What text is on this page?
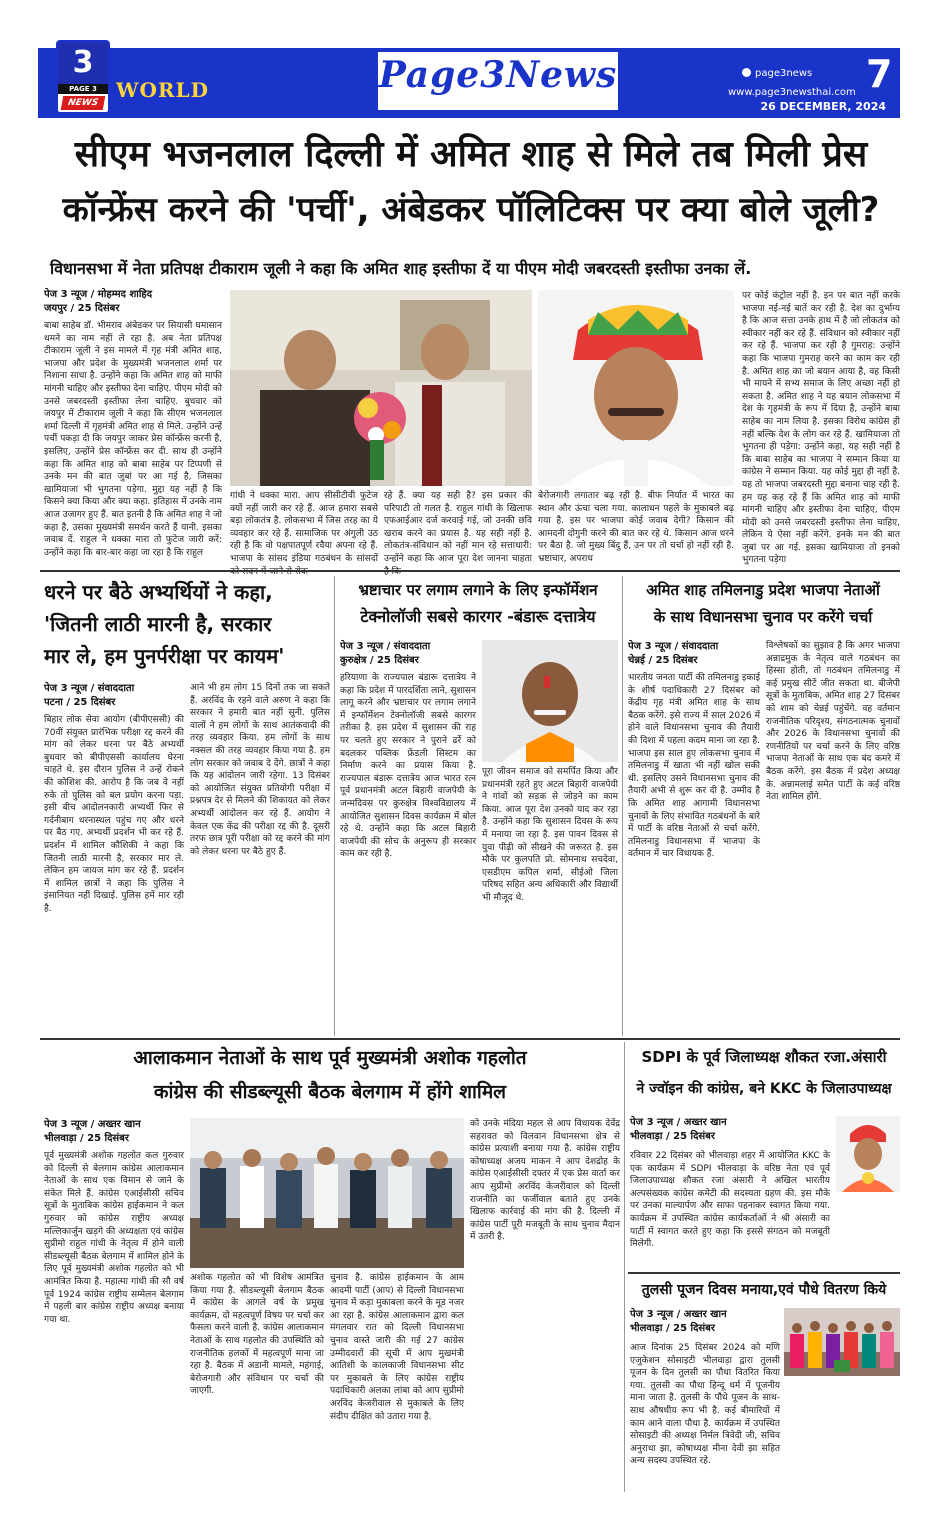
3
PAGE 3
NEWS
WORLD	Page3News	page3news
www.page3newsthai.com 7
26 DECEMBER, 2024
सीएम भजनलाल दिल्ली में अमित शाह से मिले तब मिली प्रेस
कॉन्फ्रेंस करने की 'पर्ची', अंबेडकर पॉलिटिक्स पर क्या बोले जूली?
विधानसभा में नेता प्रतिपक्ष टीकाराम जूली ने कहा कि अमित शाह इस्तीफा दें या पीएम मोदी जबरदस्ती इस्तीफा उनका लें.
पेज 3 न्यूज / मोहम्मद शाहिद
जयपुर / 25 दिसंबर
बाबा साहेब डॉ. भीमराव अंबेडकर पर सियासी घमासान थमने का नाम नहीं ले रहा है. अब नेता प्रतिपक्ष टीकाराम जूली ने इस मामले में गृह मंत्री अमित शाह, भाजपा और प्रदेश के मुख्यमंत्री भजनलाल शर्मा पर निशाना साधा है. उन्होंने कहा कि अमित शाह को माफी मांगनी चाहिए और इस्तीफा देना चाहिए. पीएम मोदी को उनसे जबरदस्ती इस्तीफा लेना चाहिए. बुधवार को जयपुर में टीकाराम जूली ने कहा कि सीएम भजनलाल शर्मा दिल्ली में गृहमंत्री अमित शाह से मिले. उन्होंने उन्हें पर्ची पकड़ा दी कि जयपुर जाकर प्रेस कॉन्फ्रेंस करनी है, इसलिए, उन्होंने प्रेस कॉन्फ्रेंस कर दी. साथ ही उन्होंने कहा कि अमित शाह को बाबा साहेब पर टिप्पणी से उनके मन की बात जुबां पर आ गई है, जिसका खामियाजा भी भुगतना पड़ेगा. मुद्दा यह नहीं है कि किसने क्या किया और क्या कहा. इतिहास में उनके नाम आज उजागर हुए हैं. बात इतनी है कि अमित शाह ने जो कहा है, उसका मुख्यमंत्री समर्थन करते हैं यानी. इसका जवाब दें. राहुल ने धक्का मारा तो फुटेज जारी करें: उन्होंने कहा कि बार-बार कहा जा रहा है कि राहुल
गांधी ने धक्का मारा. आप सीसीटीवी फुटेज क्यों नहीं जारी कर रहे हैं. आज हमारा सबसे बड़ा लोकतंत्र है. लोकसभा में जिस तरह का ये व्यवहार कर रहे हैं. सामाजिक पर अंगुली उठ रही है कि वो पक्षपातपूर्ण रवैया अपना रहे हैं. भाजपा के सांसद इंडिया गठबंधन के सांसदों
रहे हैं. क्या यह सही है? इस प्रकार की परिपाटी तो गलत है. राहुल गांधी के खिलाफ एफआईआर दर्ज करवाई गई, जो उनकी छवि खराब करने का प्रयास है. यह सही नहीं है. लोकतंत्र-संविधान को नहीं मान रहे सत्ताधारी: उन्होंने कहा कि आज पूरा देश जानना चाहता
बेरोजगारी लगातार बढ़ रही है. बीफ निर्यात में भारत का स्थान और ऊंचा चला गया. कालाधन पहले के मुकाबले बढ़ गया है. इस पर भाजपा कोई जवाब देगी? किसान की आमदनी दोगुनी करने की बात कर रहे थे. किसान आज धरने पर बैठा है. जो मुख्य बिंदु हैं, उन पर तो चर्चा हो नहीं रही है. भ्रष्टाचार, अपराध
पर कोई कंट्रोल नहीं है. इन पर बात नहीं करके भाजपा नई-नई बातें कर रही है. देश का दुर्भाग्य है कि आज सत्ता उनके हाथ में है जो लोकतंत्र को स्वीकार नहीं कर रहे हैं. संविधान को स्वीकार नहीं कर रहे हैं. भाजपा कर रही है गुमराह: उन्होंने कहा कि भाजपा गुमराह करने का काम कर रही है. अमित शाह का जो बयान आया है, वह किसी भी मायने में सभ्य समाज के लिए अच्छा नहीं हो सकता है. अमित शाह ने यह बयान लोकसभा में देश के गृहमंत्री के रूप में दिया है, उन्होंने बाबा साहेब का नाम लिया है. इसका विरोध कांग्रेस ही नहीं बल्कि देश के लोग कर रहे हैं. खामियाजा तो भुगतना ही पड़ेगा: उन्होंने कहा, यह सही नहीं है कि बाबा साहेब का भाजपा ने सम्मान किया या कांग्रेस ने सम्मान किया. यह कोई मुद्दा ही नहीं है. यह तो भाजपा जबरदस्ती मुद्दा बनाना चाह रही है. हम यह कह रहे हैं कि अमित शाह को माफी मांगनी चाहिए और इस्तीफा देना चाहिए, पीएम मोदी को उनसे जबरदस्ती इस्तीफा लेना चाहिए, लेकिन ये ऐसा नहीं करेंगे. इनके मन की बात जुबां पर आ गई. इसका खामियाजा तो इनको भुगतना पड़ेगा
धरने पर बैठे अभ्यर्थियों ने कहा,
'जितनी लाठी मारनी है, सरकार
मार ले, हम पुनर्परीक्षा पर कायम'
पेज 3 न्यूज / संवाददाता
पटना / 25 दिसंबर
बिहार लोक सेवा आयोग (बीपीएससी) की 70वीं संयुक्त प्रारंभिक परीक्षा रद्द करने की मांग को लेकर धरना पर बैठे अभ्यर्थी बुधवार को बीपीएससी कार्यालय घेरना चाहते थे. इस दौरान पुलिस ने उन्हें रोकने की कोशिश की. आरोप है कि जब वे नहीं रुके तो पुलिस को बल प्रयोग करना पड़ा. इसी बीच आंदोलनकारी अभ्यर्थी फिर से गर्दनीबाग धरनास्थल पहुंच गए और धरने पर बैठ गए. अभ्यर्थी प्रदर्शन भी कर रहे हैं. प्रदर्शन में शामिल कौशिकी ने कहा कि जितनी लाठी मारनी है, सरकार मार ले. लेकिन हम जायज मांग कर रहे हैं. प्रदर्शन में शामिल छात्रों ने कहा कि पुलिस ने इंसानियत नहीं दिखाई. पुलिस हमें मार रही है.
आने भी हम लोग 15 दिनों तक जा सकते हैं. अरविंद के रहने वाले अरुण ने कहा कि सरकार ने हमारी बात नहीं सुनी. पुलिस वालों ने हम लोगों के साथ आतंकवादी की तरह व्यवहार किया. हम लोगों के साथ नक्सल की तरह व्यवहार किया गया है. हम लोग सरकार को जवाब दे देंगे. छात्रों ने कहा कि यह आंदोलन जारी रहेगा. 13 दिसंबर को आयोजित संयुक्त प्रतियोगी परीक्षा में प्रश्नपत्र देर से मिलने की शिकायत को लेकर अभ्यर्थी आंदोलन कर रहे हैं. आयोग ने केवल एक केंद्र की परीक्षा रद्द की है. दूसरी तरफ छात्र पूरी परीक्षा को रद्द करने की मांग को लेकर धरना पर बैठे हुए हैं.
भ्रष्टाचार पर लगाम लगाने के लिए इन्फॉर्मेशन
टेक्नोलॉजी सबसे कारगर -बंडारू दत्तात्रेय
पेज 3 न्यूज / संवाददाता
कुरुक्षेत्र / 25 दिसंबर
हरियाणा के राज्यपाल बंडारू दत्तात्रेय ने कहा कि प्रदेश में पारदर्शिता लाने, सुशासन लागू करने और भ्रष्टाचार पर लगाम लगाने में इन्फॉर्मेशन टेक्नोलॉजी सबसे कारगर तरीका है. इस प्रदेश में सुशासन की राह पर चलते हुए सरकार ने पुराने ढर्रे को बदलकर पब्लिक फ्रेंडली सिस्टम का निर्माण करने का प्रयास किया है. राज्यपाल बंडारू दत्तात्रेय आज भारत रत्न पूर्व प्रधानमंत्री अटल बिहारी वाजपेयी के जन्मदिवस पर कुरुक्षेत्र विश्वविद्यालय में आयोजित सुशासन दिवस कार्यक्रम में बोल रहे थे. उन्होंने कहा कि अटल बिहारी वाजपेयी की सोच के अनुरूप ही सरकार काम कर रही है.
पूरा जीवन समाज को समर्पित किया और प्रधानमंत्री रहते हुए अटल बिहारी वाजपेयी ने गांवों को सड़क से जोड़ने का काम किया. आज पूरा देश उनको याद कर रहा है. उन्होंने कहा कि सुशासन दिवस के रूप में मनाया जा रहा है. इस पावन दिवस से युवा पीढ़ी को सीखने की जरूरत है. इस मौके पर कुलपति प्रो. सोमनाथ सचदेवा, एसडीएम कपिल शर्मा, सीईओ जिला परिषद सहित अन्य अधिकारी और विद्यार्थी भी मौजूद थे.
अमित शाह तमिलनाडु प्रदेश भाजपा नेताओं
के साथ विधानसभा चुनाव पर करेंगे चर्चा
पेज 3 न्यूज / संवाददाता
चेन्नई / 25 दिसंबर
भारतीय जनता पार्टी की तमिलनाडु इकाई के शीर्ष पदाधिकारी 27 दिसंबर को केंद्रीय गृह मंत्री अमित शाह के साथ बैठक करेंगे. इसे राज्य में साल 2026 में होने वाले विधानसभा चुनाव की तैयारी की दिशा में पहला कदम माना जा रहा है. भाजपा इस साल हुए लोकसभा चुनाव में तमिलनाडु में खाता भी नहीं खोल सकी थी. इसलिए उसने विधानसभा चुनाव की तैयारी अभी से शुरू कर दी है. उम्मीद है कि अमित शाह आगामी विधानसभा चुनावों के लिए संभावित गठबंधनों के बारे में पार्टी के वरिष्ठ नेताओं से चर्चा करेंगे. तमिलनाडु विधानसभा में भाजपा के वर्तमान में चार विधायक हैं.
विश्लेषकों का सुझाव है कि अगर भाजपा अन्नाद्रमुक के नेतृत्व वाले गठबंधन का हिस्सा होती, तो गठबंधन तमिलनाडु में कई प्रमुख सीटें जीत सकता था. बीजेपी सूत्रों के मुताबिक, अमित शाह 27 दिसंबर को शाम को चेन्नई पहुंचेंगे. वह वर्तमान राजनीतिक परिदृश्य, संगठनात्मक चुनावों और 2026 के विधानसभा चुनावों की रणनीतियों पर चर्चा करने के लिए वरिष्ठ भाजपा नेताओं के साथ एक बंद कमरे में बैठक करेंगे. इस बैठक में प्रदेश अध्यक्ष के. अन्नामलाई समेत पार्टी के कई वरिष्ठ नेता शामिल होंगे.
आलाकमान नेताओं के साथ पूर्व मुख्यमंत्री अशोक गहलोत
कांग्रेस की सीडब्ल्यूसी बैठक बेलगाम में होंगे शामिल
पेज 3 न्यूज / अख्तर खान
भीलवाड़ा / 25 दिसंबर
पूर्व मुख्यमंत्री अशोक गहलोत कल गुरुवार को दिल्ली से बेलगाम कांग्रेस आलाकमान नेताओं के साथ एक विमान से जाने के संकेत मिले हैं. कांग्रेस एआईसीसी सचिव सूत्रों के मुताबिक कांग्रेस हाईकमान ने कल गुरुवार को कांग्रेस राष्ट्रीय अध्यक्ष मल्लिकार्जुन खड़गे की अध्यक्षता एवं कांग्रेस सुप्रीमो राहुल गांधी के नेतृत्व में होने वाली सीडब्ल्यूसी बैठक बेलगाम में शामिल होने के लिए पूर्व मुख्यमंत्री अशोक गहलोत को भी आमंत्रित किया है. महात्मा गांधी की सौ वर्ष पूर्व 1924 कांग्रेस राष्ट्रीय सम्मेलन बेलगाम में पहली बार कांग्रेस राष्ट्रीय अध्यक्ष बनाया गया था.
अशोक गहलोत को भी विशेष आमंत्रित किया गया है. सीडब्ल्यूसी बेलगाम बैठक में कांग्रेस के आगले वर्ष के प्रमुख कार्यक्रम, दो महत्वपूर्ण विषय पर चर्चा कर फैसला करने वाली है. कांग्रेस आलाकमान नेताओं के साथ गहलोत की उपस्थिति को राजनीतिक हलकों में महत्वपूर्ण माना जा रहा है. बैठक में अडानी मामले, महंगाई, बेरोजगारी और संविधान पर चर्चा की जाएगी.
चुनाव है. कांग्रेस हाईकमान के आम आदमी पार्टी (आप) से दिल्ली विधानसभा चुनाव में कड़ा मुकाबला करने के मूड नजर आ रहा है. कांग्रेस आलाकमान द्वारा कल मंगलवार रात को दिल्ली विधानसभा चुनाव वास्ते जारी की गई 27 कांग्रेस उम्मीदवारों की सूची में आप मुखमंत्री आतिशी के कालकाजी विधानसभा सीट पर मुकाबले के लिए कांग्रेस राष्ट्रीय पदाधिकारी अलका लांबा को आप सुप्रीमो अरविंद केजरीवाल से मुकाबले के लिए संदीप दीक्षित को उतारा गया है.
को उनके मंदिया महल से आप विधायक देवेंद्र सहरावत को विलवान विधानसभा क्षेत्र से कांग्रेस प्रत्याशी बनाया गया है. कांग्रेस राष्ट्रीय कोषाध्यक्ष अजय माकन ने आप देशद्रोह के कांग्रेस एआईसीसी दफ्तर में एक प्रेस वार्ता कर आप सुप्रीमो अरविंद केजरीवाल को दिल्ली राजनीति का फर्जीवाल बताते हुए उनके खिलाफ कार्रवाई की मांग की है. दिल्ली में कांग्रेस पार्टी पूरी मजबूती के साथ चुनाव मैदान में उतरी है.
SDPI के पूर्व जिलाध्यक्ष शौकत रजा.अंसारी
ने ज्वॉइन की कांग्रेस, बने KKC के जिलाउपाध्यक्ष
पेज 3 न्यूज / अख्तर खान
भीलवाड़ा / 25 दिसंबर
रविवार 22 दिसंबर को भीलवाड़ा शहर में आयोजित KKC के एक कार्यक्रम में SDPI भीलवाड़ा के वरिष्ठ नेता एवं पूर्व जिलाउपाध्यक्ष शौकत रजा अंसारी ने अखिल भारतीय अल्पसंख्यक कांग्रेस कमेटी की सदस्यता ग्रहण की. इस मौके पर उनका माल्यार्पण और साफा पहनाकर स्वागत किया गया. कार्यक्रम में उपस्थित कांग्रेस कार्यकर्ताओं ने श्री अंसारी का पार्टी में स्वागत करते हुए कहा कि इससे संगठन को मजबूती मिलेगी.
तुलसी पूजन दिवस मनाया,एवं पौधे वितरण किये
पेज 3 न्यूज / अख्तर खान
भीलवाड़ा / 25 दिसंबर
आज दिनांक 25 दिसंबर 2024 को मणि एजुकेशन सोसाइटी भीलवाड़ा द्वारा तुलसी पूजन के दिन तुलसी का पौधा वितरित किया गया. तुलसी का पौधा हिन्दू धर्म में पूजनीय माना जाता है. तुलसी के पौधे पूजन के साथ-साथ औषधीय रूप भी है. कई बीमारियों में काम आने वाला पौधा है. कार्यक्रम में उपस्थित सोसाइटी की अध्यक्ष निर्मल त्रिवेदी जी, सचिव अनुराधा झा, कोषाध्यक्ष मीना देवी झा सहित अन्य सदस्य उपस्थित रहे.
